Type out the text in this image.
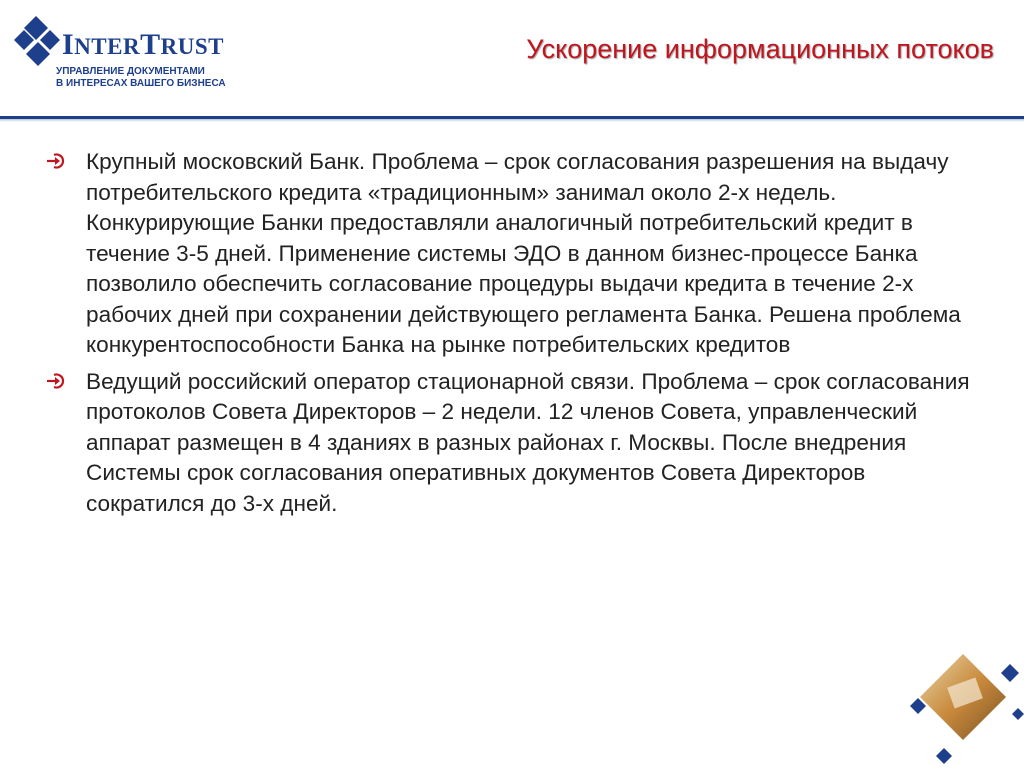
INTERTRUST
УПРАВЛЕНИЕ ДОКУМЕНТАМИ
В ИНТЕРЕСАХ ВАШЕГО БИЗНЕСА
Ускорение информационных потоков
Крупный московский Банк. Проблема – срок согласования разрешения на выдачу потребительского кредита «традиционным» занимал около 2-х недель. Конкурирующие Банки предоставляли аналогичный потребительский кредит в течение 3-5 дней. Применение системы ЭДО в данном бизнес-процессе Банка позволило обеспечить согласование процедуры выдачи кредита в течение 2-х рабочих дней при сохранении действующего регламента Банка. Решена проблема конкурентоспособности Банка на рынке потребительских кредитов
Ведущий российский оператор стационарной связи. Проблема – срок согласования протоколов Совета Директоров – 2 недели. 12 членов Совета, управленческий аппарат размещен в 4 зданиях в разных районах г. Москвы. После внедрения Системы срок согласования оперативных документов Совета Директоров сократился до 3-х дней.
